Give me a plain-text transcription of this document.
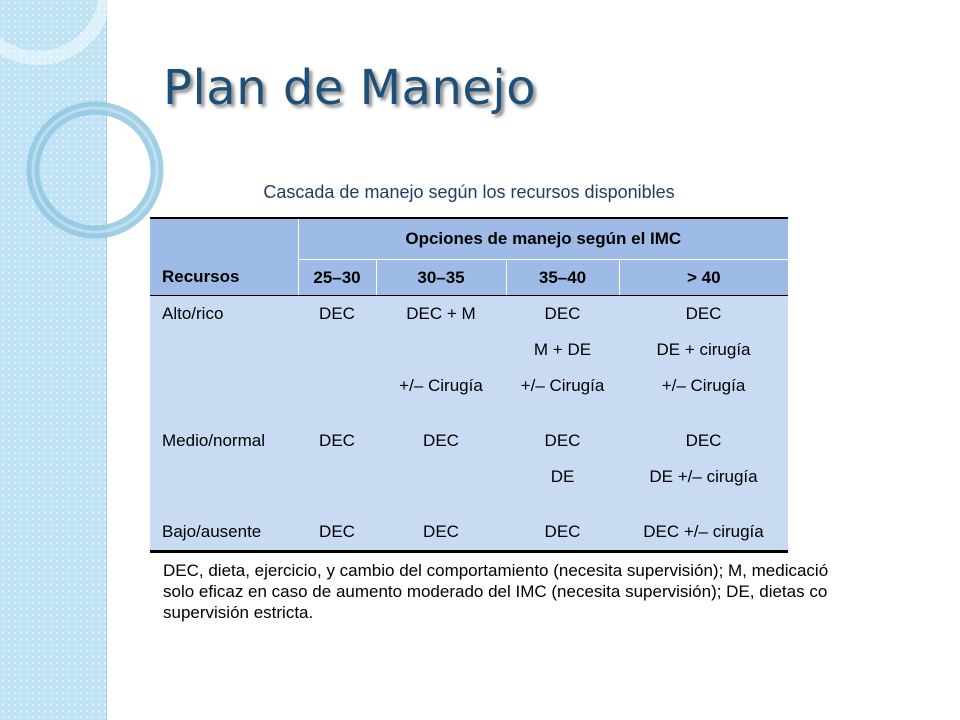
Plan de Manejo
Cascada de manejo según los recursos disponibles
	Opciones de manejo según el IMC			
Recursos	25–30	30–35	35–40	> 40
Alto/rico	DEC	DEC + M	DEC	DEC
			M + DE	DE + cirugía
		+/– Cirugía	+/– Cirugía	+/– Cirugía

Medio/normal	DEC	DEC	DEC	DEC
			DE	DE +/– cirugía

Bajo/ausente	DEC	DEC	DEC	DEC +/– cirugía
DEC, dieta, ejercicio, y cambio del comportamiento (necesita supervisión); M, medicació
solo eficaz en caso de aumento moderado del IMC (necesita supervisión); DE, dietas co
supervisión estricta.
